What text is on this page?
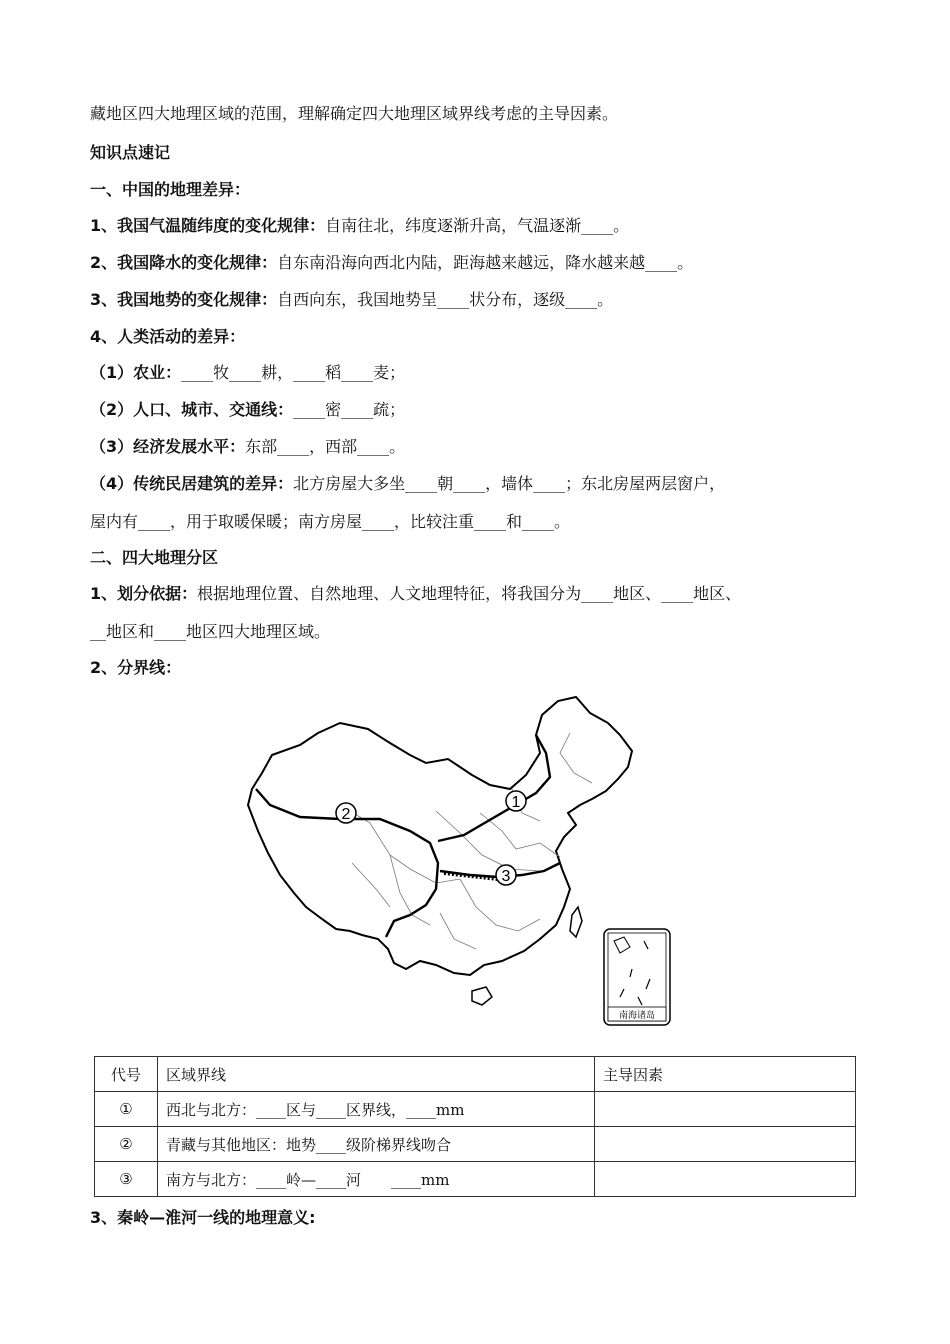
藏地区四大地理区域的范围，理解确定四大地理区域界线考虑的主导因素。
知识点速记
一、中国的地理差异：
1、我国气温随纬度的变化规律：自南往北，纬度逐渐升高，气温逐渐____。
2、我国降水的变化规律：自东南沿海向西北内陆，距海越来越远，降水越来越____。
3、我国地势的变化规律：自西向东，我国地势呈____状分布，逐级____。
4、人类活动的差异：
（1）农业：____牧____耕，____稻____麦；
（2）人口、城市、交通线：____密____疏；
（3）经济发展水平：东部____，西部____。
（4）传统民居建筑的差异：北方房屋大多坐____朝____，墙体____；东北房屋两层窗户，
屋内有____，用于取暖保暖；南方房屋____，比较注重____和____。
二、四大地理分区
1、划分依据：根据地理位置、自然地理、人文地理特征，将我国分为____地区、____地区、
__地区和____地区四大地理区域。
2、分界线：
1
2
3
南海诸岛
代号	区域界线	主导因素
①	西北与北方：____区与____区界线，____mm	
②	青藏与其他地区：地势____级阶梯界线吻合	
③	南方与北方：____岭—____河　　____mm	
3、秦岭—淮河一线的地理意义:
